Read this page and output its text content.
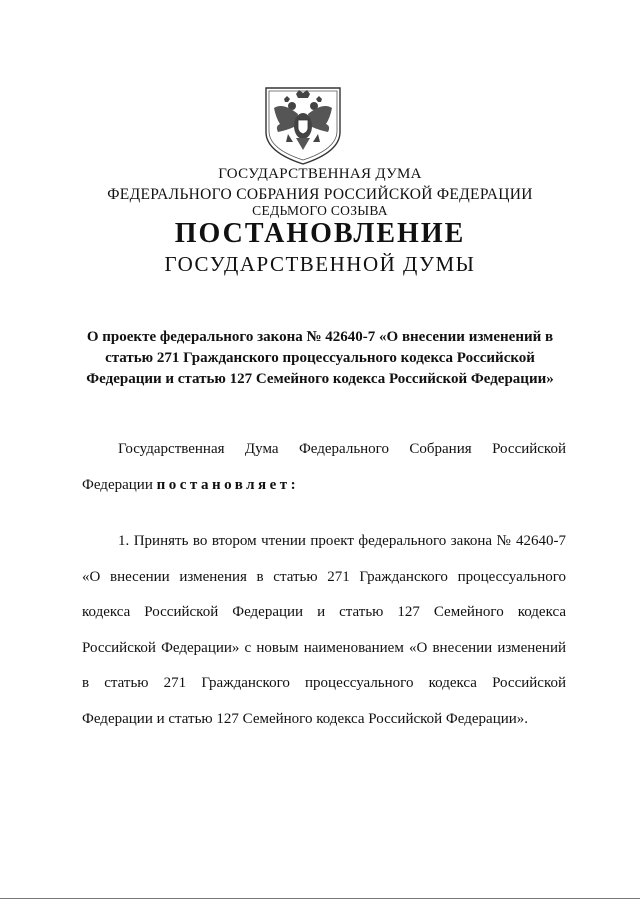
ГОСУДАРСТВЕННАЯ ДУМА
ФЕДЕРАЛЬНОГО СОБРАНИЯ РОССИЙСКОЙ ФЕДЕРАЦИИ
СЕДЬМОГО СОЗЫВА
ПОСТАНОВЛЕНИЕ
ГОСУДАРСТВЕННОЙ ДУМЫ
О проекте федерального закона № 42640-7 «О внесении изменений в статью 271 Гражданского процессуального кодекса Российской Федерации и статью 127 Семейного кодекса Российской Федерации»
Государственная Дума Федерального Собрания Российской Федерации постановляет:
1. Принять во втором чтении проект федерального закона № 42640-7 «О внесении изменения в статью 271 Гражданского процессуального кодекса Российской Федерации и статью 127 Семейного кодекса Российской Федерации» с новым наименованием «О внесении изменений в статью 271 Гражданского процессуального кодекса Российской Федерации и статью 127 Семейного кодекса Российской Федерации».
